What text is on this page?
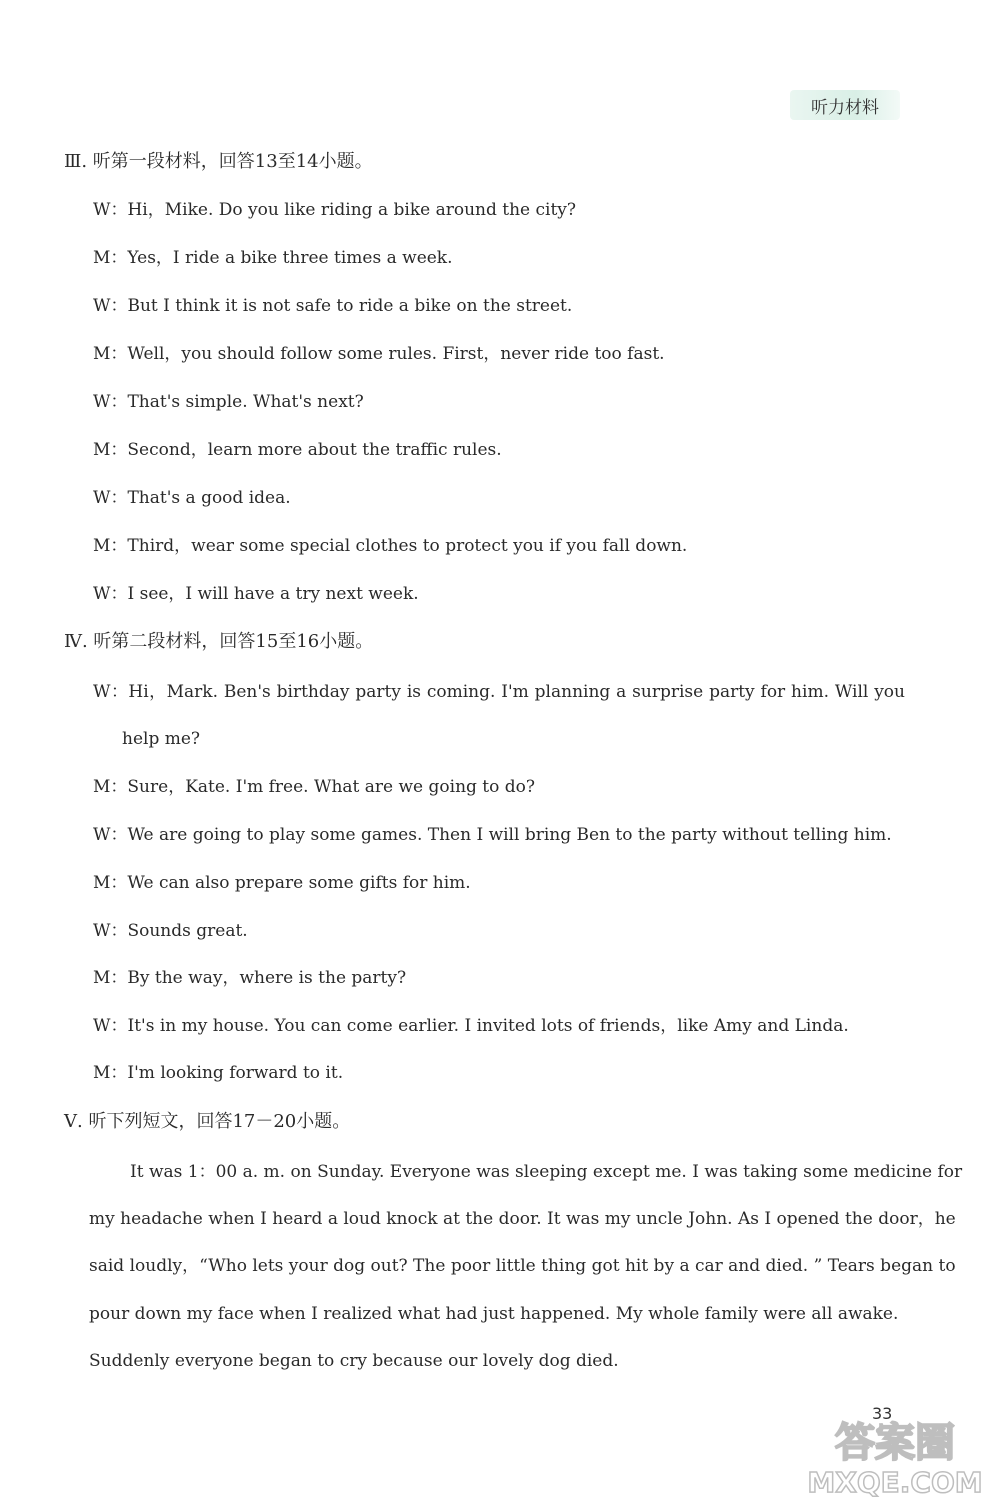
听力材料
Ⅲ. 听第一段材料，回答13至14小题。
W：Hi，Mike. Do you like riding a bike around the city?
M：Yes，I ride a bike three times a week.
W：But I think it is not safe to ride a bike on the street.
M：Well，you should follow some rules. First，never ride too fast.
W：That's simple. What's next?
M：Second，learn more about the traffic rules.
W：That's a good idea.
M：Third，wear some special clothes to protect you if you fall down.
W：I see，I will have a try next week.
Ⅳ. 听第二段材料，回答15至16小题。
W：Hi，Mark. Ben's birthday party is coming. I'm planning a surprise party for him. Will you
help me?
M：Sure，Kate. I'm free. What are we going to do?
W：We are going to play some games. Then I will bring Ben to the party without telling him.
M：We can also prepare some gifts for him.
W：Sounds great.
M：By the way，where is the party?
W：It's in my house. You can come earlier. I invited lots of friends，like Amy and Linda.
M：I'm looking forward to it.
Ⅴ. 听下列短文，回答17－20小题。
It was 1：00 a. m. on Sunday. Everyone was sleeping except me. I was taking some medicine for
my headache when I heard a loud knock at the door. It was my uncle John. As I opened the door，he
said loudly，“Who lets your dog out? The poor little thing got hit by a car and died. ” Tears began to
pour down my face when I realized what had just happened. My whole family were all awake.
Suddenly everyone began to cry because our lovely dog died.
33
答案圈
MXQE.COM
